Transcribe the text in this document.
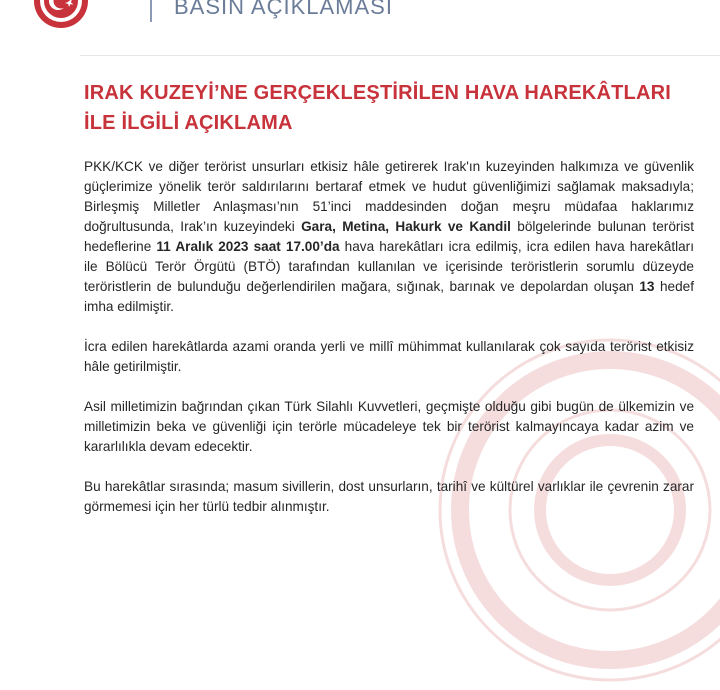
BASIN AÇIKLAMASI
IRAK KUZEYİ’NE GERÇEKLEŞTİRİLEN HAVA HAREKÂTLARI
İLE İLGİLİ AÇIKLAMA

PKK/KCK ve diğer terörist unsurları etkisiz hâle getirerek Irak'ın kuzeyinden halkımıza ve güvenlik güçlerimize yönelik terör saldırılarını bertaraf etmek ve hudut güvenliğimizi sağlamak maksadıyla; Birleşmiş Milletler Anlaşması’nın 51’inci maddesinden doğan meşru müdafaa haklarımız doğrultusunda, Irak’ın kuzeyindeki Gara, Metina, Hakurk ve Kandil bölgelerinde bulunan terörist hedeflerine 11 Aralık 2023 saat 17.00’da hava harekâtları icra edilmiş, icra edilen hava harekâtları ile Bölücü Terör Örgütü (BTÖ) tarafından kullanılan ve içerisinde teröristlerin sorumlu düzeyde teröristlerin de bulunduğu değerlendirilen mağara, sığınak, barınak ve depolardan oluşan 13 hedef imha edilmiştir.

İcra edilen harekâtlarda azami oranda yerli ve millî mühimmat kullanılarak çok sayıda terörist etkisiz hâle getirilmiştir.

Asil milletimizin bağrından çıkan Türk Silahlı Kuvvetleri, geçmişte olduğu gibi bugün de ülkemizin ve milletimizin beka ve güvenliği için terörle mücadeleye tek bir terörist kalmayıncaya kadar azim ve kararlılıkla devam edecektir.

Bu harekâtlar sırasında; masum sivillerin, dost unsurların, tarihî ve kültürel varlıklar ile çevrenin zarar görmemesi için her türlü tedbir alınmıştır.
